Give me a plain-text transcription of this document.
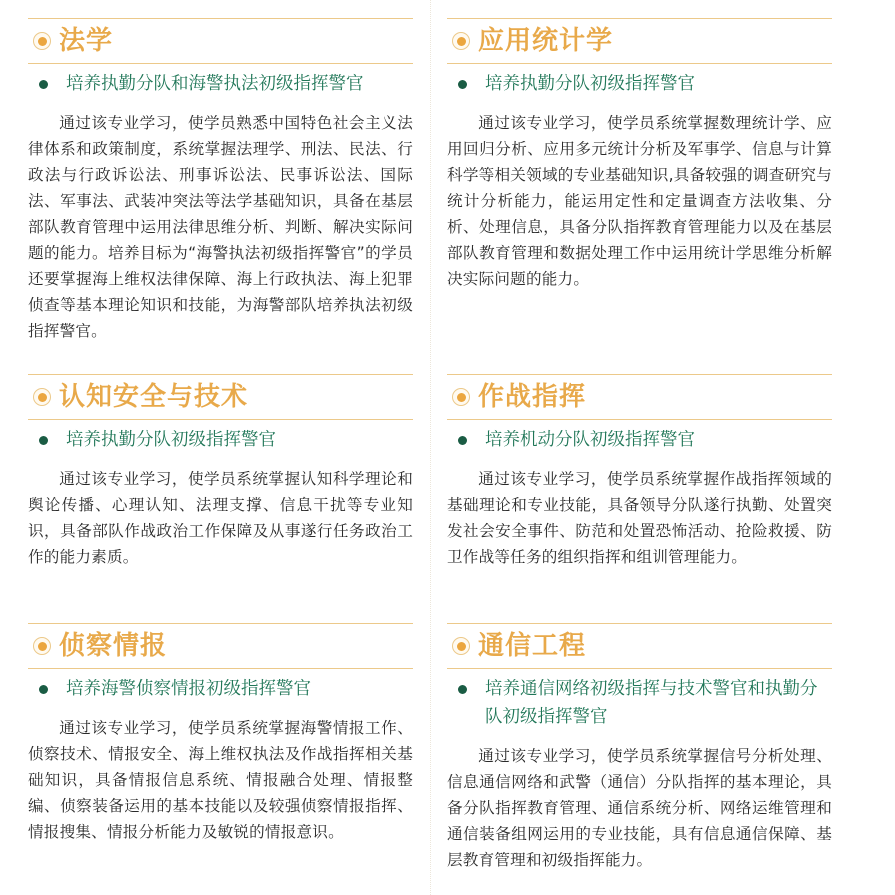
法学
培养执勤分队和海警执法初级指挥警官
通过该专业学习，使学员熟悉中国特色社会主义法律体系和政策制度，系统掌握法理学、刑法、民法、行政法与行政诉讼法、刑事诉讼法、民事诉讼法、国际法、军事法、武装冲突法等法学基础知识，具备在基层部队教育管理中运用法律思维分析、判断、解决实际问题的能力。培养目标为“海警执法初级指挥警官”的学员还要掌握海上维权法律保障、海上行政执法、海上犯罪侦查等基本理论知识和技能，为海警部队培养执法初级指挥警官。
应用统计学
培养执勤分队初级指挥警官
通过该专业学习，使学员系统掌握数理统计学、应用回归分析、应用多元统计分析及军事学、信息与计算科学等相关领域的专业基础知识,具备较强的调查研究与统计分析能力，能运用定性和定量调查方法收集、分析、处理信息，具备分队指挥教育管理能力以及在基层部队教育管理和数据处理工作中运用统计学思维分析解决实际问题的能力。
认知安全与技术
培养执勤分队初级指挥警官
通过该专业学习，使学员系统掌握认知科学理论和舆论传播、心理认知、法理支撑、信息干扰等专业知识，具备部队作战政治工作保障及从事遂行任务政治工作的能力素质。
作战指挥
培养机动分队初级指挥警官
通过该专业学习，使学员系统掌握作战指挥领域的基础理论和专业技能，具备领导分队遂行执勤、处置突发社会安全事件、防范和处置恐怖活动、抢险救援、防卫作战等任务的组织指挥和组训管理能力。
侦察情报
培养海警侦察情报初级指挥警官
通过该专业学习，使学员系统掌握海警情报工作、侦察技术、情报安全、海上维权执法及作战指挥相关基础知识，具备情报信息系统、情报融合处理、情报整编、侦察装备运用的基本技能以及较强侦察情报指挥、情报搜集、情报分析能力及敏锐的情报意识。
通信工程
培养通信网络初级指挥与技术警官和执勤分队初级指挥警官
通过该专业学习，使学员系统掌握信号分析处理、信息通信网络和武警（通信）分队指挥的基本理论，具备分队指挥教育管理、通信系统分析、网络运维管理和通信装备组网运用的专业技能，具有信息通信保障、基层教育管理和初级指挥能力。
